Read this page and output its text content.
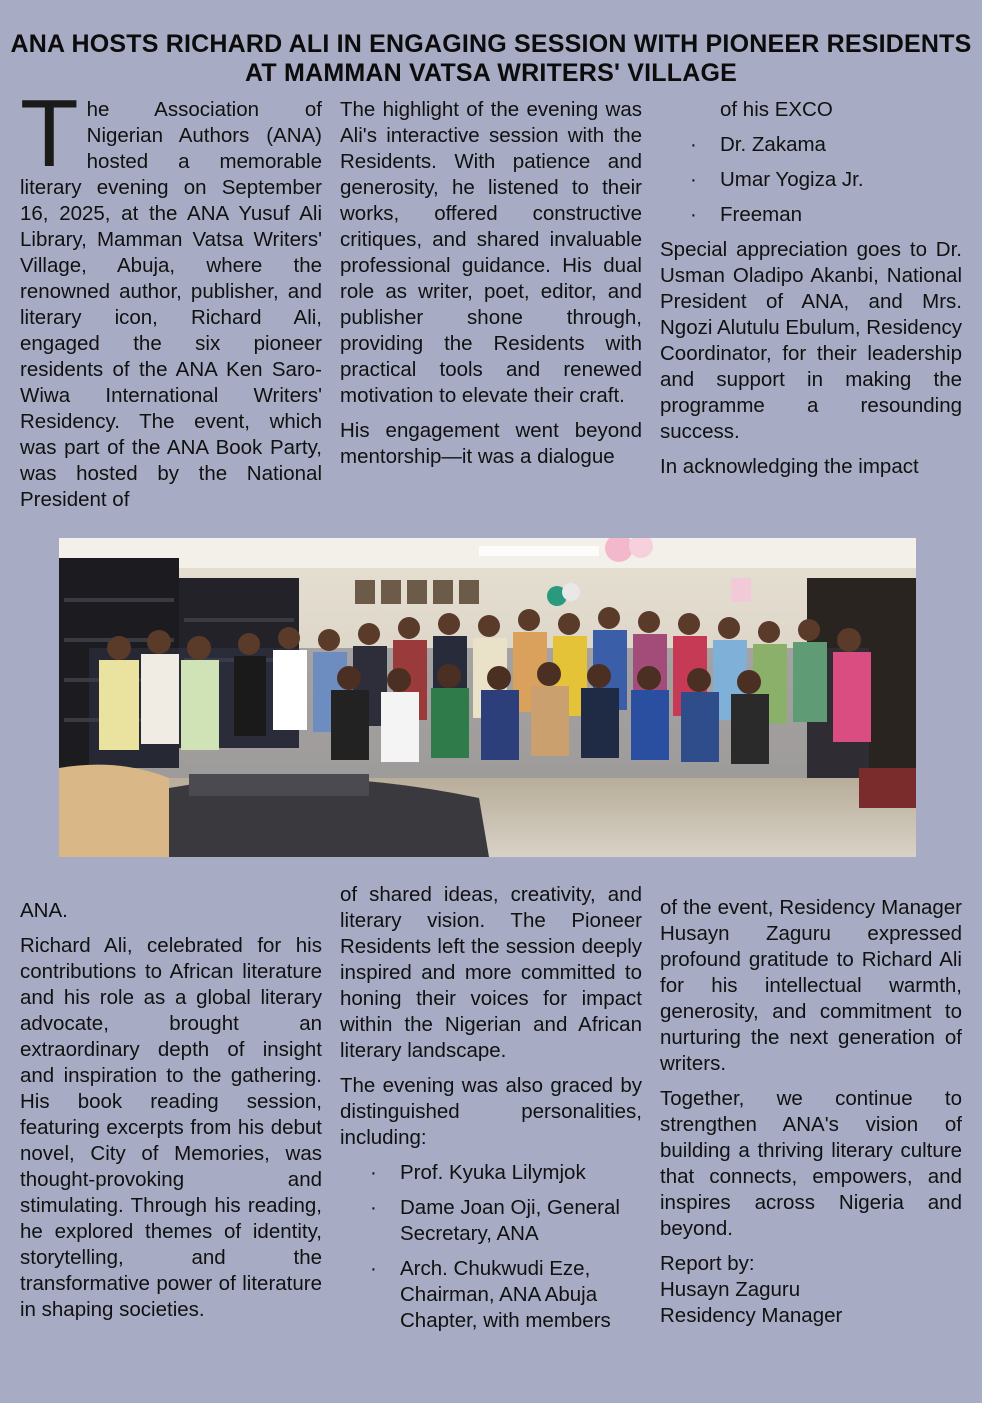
ANA HOSTS RICHARD ALI IN ENGAGING SESSION WITH PIONEER RESIDENTS AT MAMMAN VATSA WRITERS' VILLAGE

The Association of Nigerian Authors (ANA) hosted a memorable literary evening on September 16, 2025, at the ANA Yusuf Ali Library, Mamman Vatsa Writers' Village, Abuja, where the renowned author, publisher, and literary icon, Richard Ali, engaged the six pioneer residents of the ANA Ken Saro-Wiwa International Writers' Residency. The event, which was part of the ANA Book Party, was hosted by the National President of

The highlight of the evening was Ali's interactive session with the Residents. With patience and generosity, he listened to their works, offered constructive critiques, and shared invaluable professional guidance. His dual role as writer, poet, editor, and publisher shone through, providing the Residents with practical tools and renewed motivation to elevate their craft.

His engagement went beyond mentorship—it was a dialogue

of his EXCO
· Dr. Zakama
· Umar Yogiza Jr.
· Freeman

Special appreciation goes to Dr. Usman Oladipo Akanbi, National President of ANA, and Mrs. Ngozi Alutulu Ebulum, Residency Coordinator, for their leadership and support in making the programme a resounding success.

In acknowledging the impact

ANA.

Richard Ali, celebrated for his contributions to African literature and his role as a global literary advocate, brought an extraordinary depth of insight and inspiration to the gathering. His book reading session, featuring excerpts from his debut novel, City of Memories, was thought-provoking and stimulating. Through his reading, he explored themes of identity, storytelling, and the transformative power of literature in shaping societies.

of shared ideas, creativity, and literary vision. The Pioneer Residents left the session deeply inspired and more committed to honing their voices for impact within the Nigerian and African literary landscape.

The evening was also graced by distinguished personalities, including:

· Prof. Kyuka Lilymjok
· Dame Joan Oji, General Secretary, ANA
· Arch. Chukwudi Eze, Chairman, ANA Abuja Chapter, with members

of the event, Residency Manager Husayn Zaguru expressed profound gratitude to Richard Ali for his intellectual warmth, generosity, and commitment to nurturing the next generation of writers.

Together, we continue to strengthen ANA's vision of building a thriving literary culture that connects, empowers, and inspires across Nigeria and beyond.

Report by:
Husayn Zaguru
Residency Manager
